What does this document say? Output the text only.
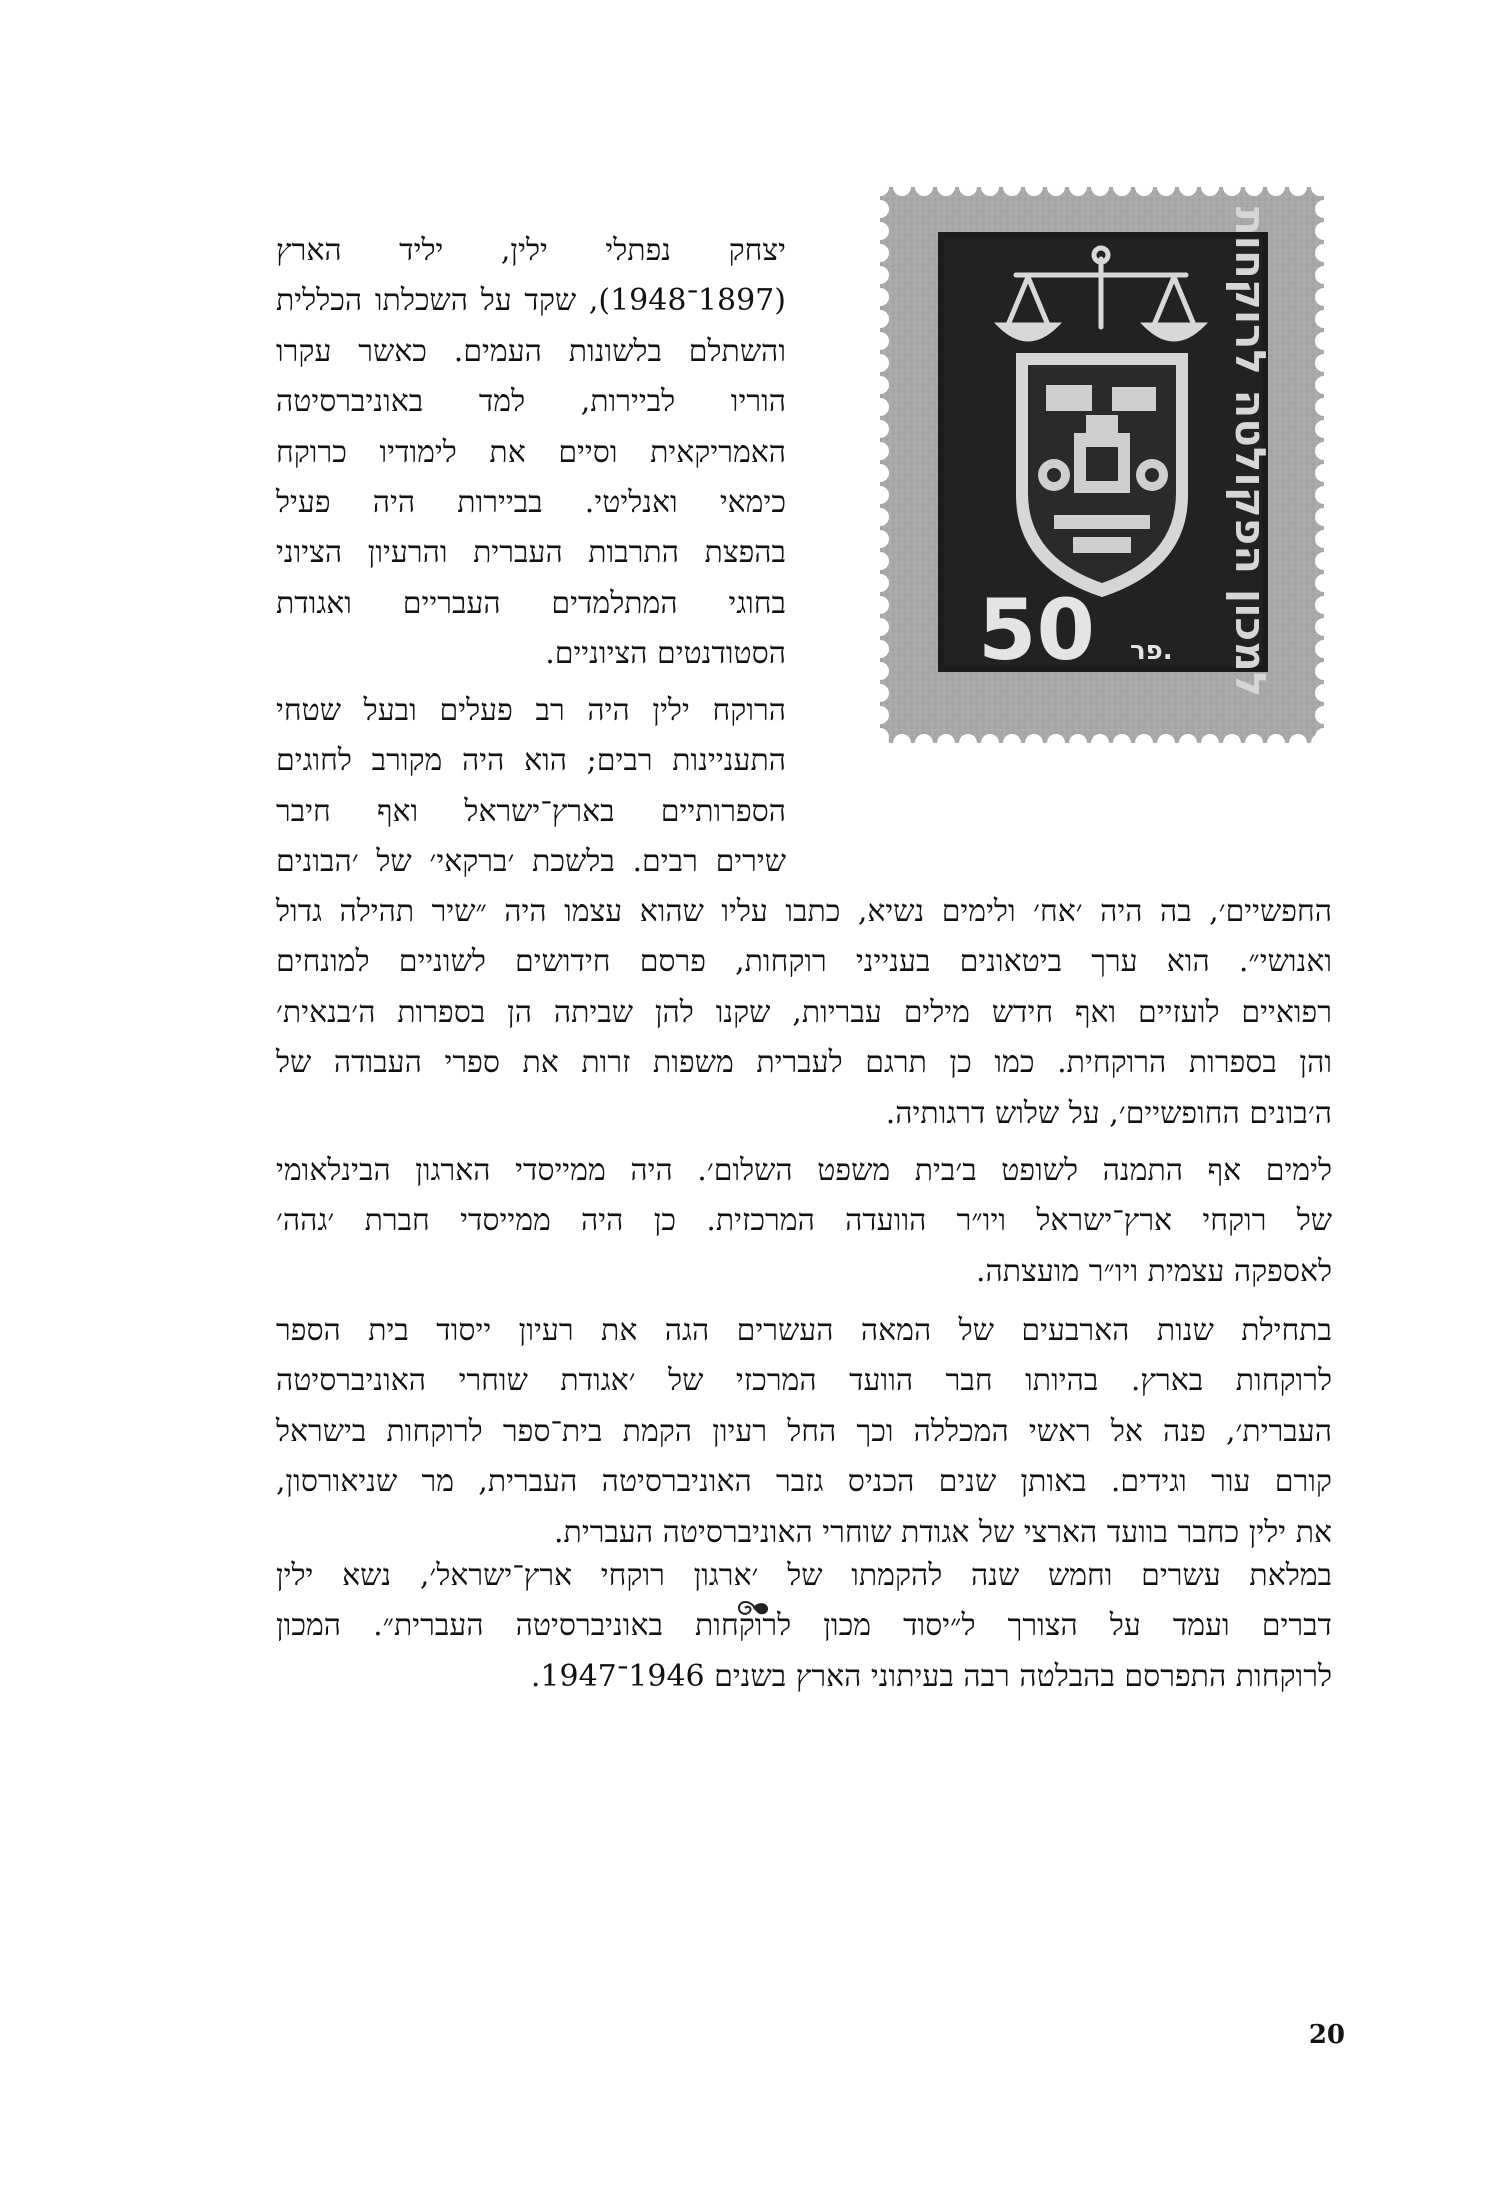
למכון הפקולטה לרוקחות
50 פר.

יצחק נפתלי ילין, יליד הארץ
(1897־1948), שקד על השכלתו הכללית
והשתלם בלשונות העמים. כאשר עקרו
הוריו לביירות, למד באוניברסיטה
האמריקאית וסיים את לימודיו כרוקח
כימאי ואנליטי. בביירות היה פעיל
בהפצת התרבות העברית והרעיון הציוני
בחוגי המתלמדים העבריים ואגודת
הסטודנטים הציוניים.

הרוקח ילין היה רב פעלים ובעל שטחי
התעניינות רבים; הוא היה מקורב לחוגים
הספרותיים בארץ־ישראל ואף חיבר
שירים רבים. בלשכת ׳ברקאי׳ של ׳הבונים

החפשיים׳, בה היה ׳אח׳ ולימים נשיא, כתבו עליו שהוא עצמו היה ״שיר תהילה גדול
ואנושי״. הוא ערך ביטאונים בענייני רוקחות, פרסם חידושים לשוניים למונחים
רפואיים לועזיים ואף חידש מילים עבריות, שקנו להן שביתה הן בספרות ה׳בנאית׳
והן בספרות הרוקחית. כמו כן תרגם לעברית משפות זרות את ספרי העבודה של
ה׳בונים החופשיים׳, על שלוש דרגותיה.

לימים אף התמנה לשופט ב׳בית משפט השלום׳. היה ממייסדי הארגון הבינלאומי
של רוקחי ארץ־ישראל ויו״ר הוועדה המרכזית. כן היה ממייסדי חברת ׳גהה׳
לאספקה עצמית ויו״ר מועצתה.

בתחילת שנות הארבעים של המאה העשרים הגה את רעיון ייסוד בית הספר
לרוקחות בארץ. בהיותו חבר הוועד המרכזי של ׳אגודת שוחרי האוניברסיטה
העברית׳, פנה אל ראשי המכללה וכך החל רעיון הקמת בית־ספר לרוקחות בישראל
קורם עור וגידים. באותן שנים הכניס גזבר האוניברסיטה העברית, מר שניאורסון,
את ילין כחבר בוועד הארצי של אגודת שוחרי האוניברסיטה העברית.

במלאת עשרים וחמש שנה להקמתו של ׳ארגון רוקחי ארץ־ישראל׳, נשא ילין
דברים ועמד על הצורך ל״יסוד מכון לרוקחות באוניברסיטה העברית״. המכון
לרוקחות התפרסם בהבלטה רבה בעיתוני הארץ בשנים 1946־1947.

20
